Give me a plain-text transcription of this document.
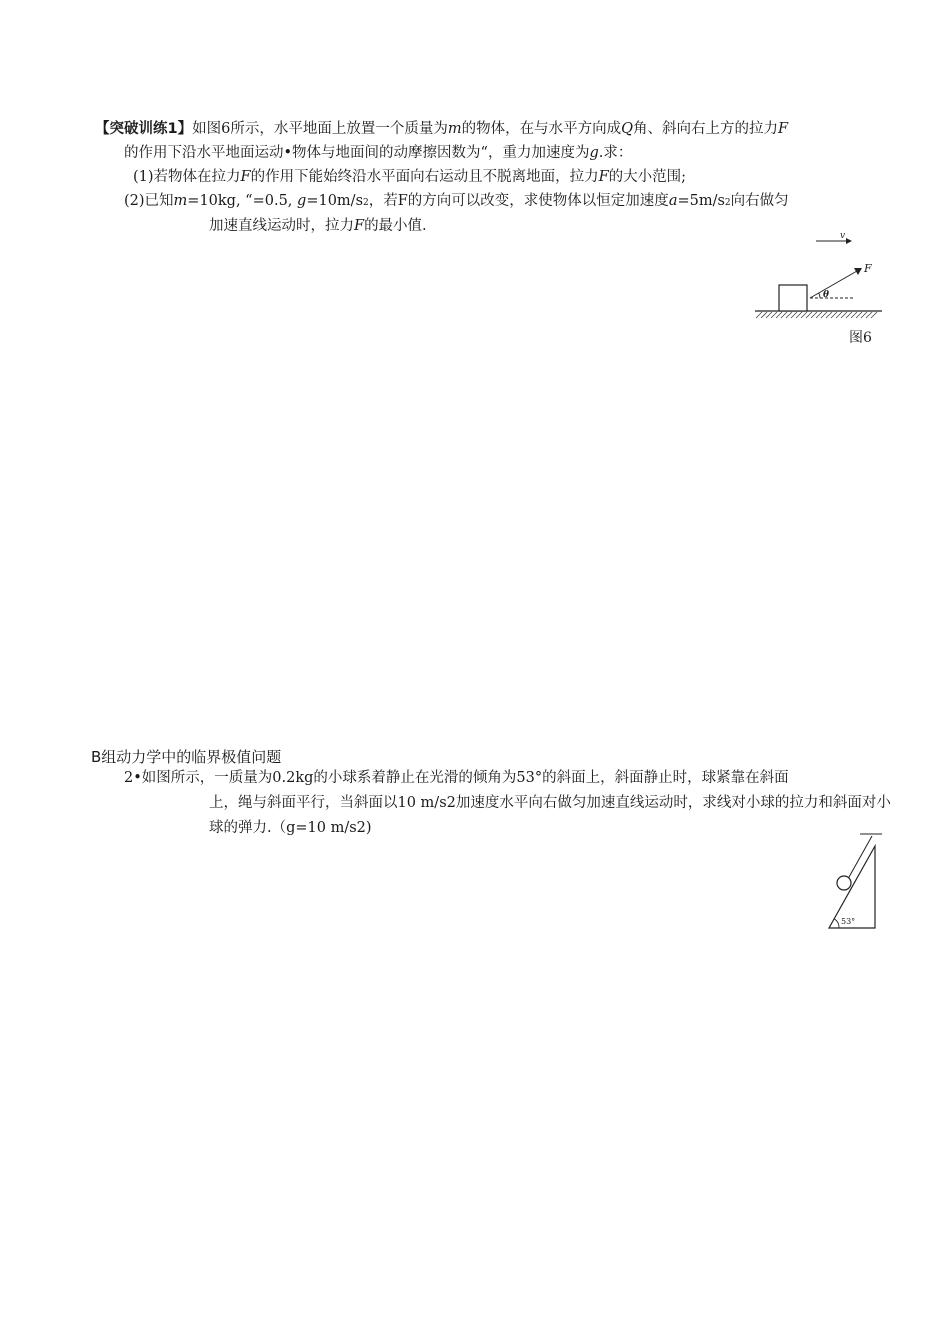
【突破训练1】如图6所示，水平地面上放置一个质量为m的物体，在与水平方向成Q角、斜向右上方的拉力F
的作用下沿水平地面运动•物体与地面间的动摩擦因数为“，重力加速度为g.求：
(1)若物体在拉力F的作用下能始终沿水平面向右运动且不脱离地面，拉力F的大小范围;
(2)已知m=10kg, “=0.5, g=10m/s2，若F的方向可以改变，求使物体以恒定加速度a=5m/s2向右做匀
加速直线运动时，拉力F的最小值.
v
F
θ
图6
B组动力学中的临界极值问题
2•如图所示，一质量为0.2kg的小球系着静止在光滑的倾角为53°的斜面上，斜面静止时，球紧靠在斜面
上，绳与斜面平行，当斜面以10 m/s2加速度水平向右做匀加速直线运动时，求线对小球的拉力和斜面对小
球的弹力.（g=10 m/s2)
53°
